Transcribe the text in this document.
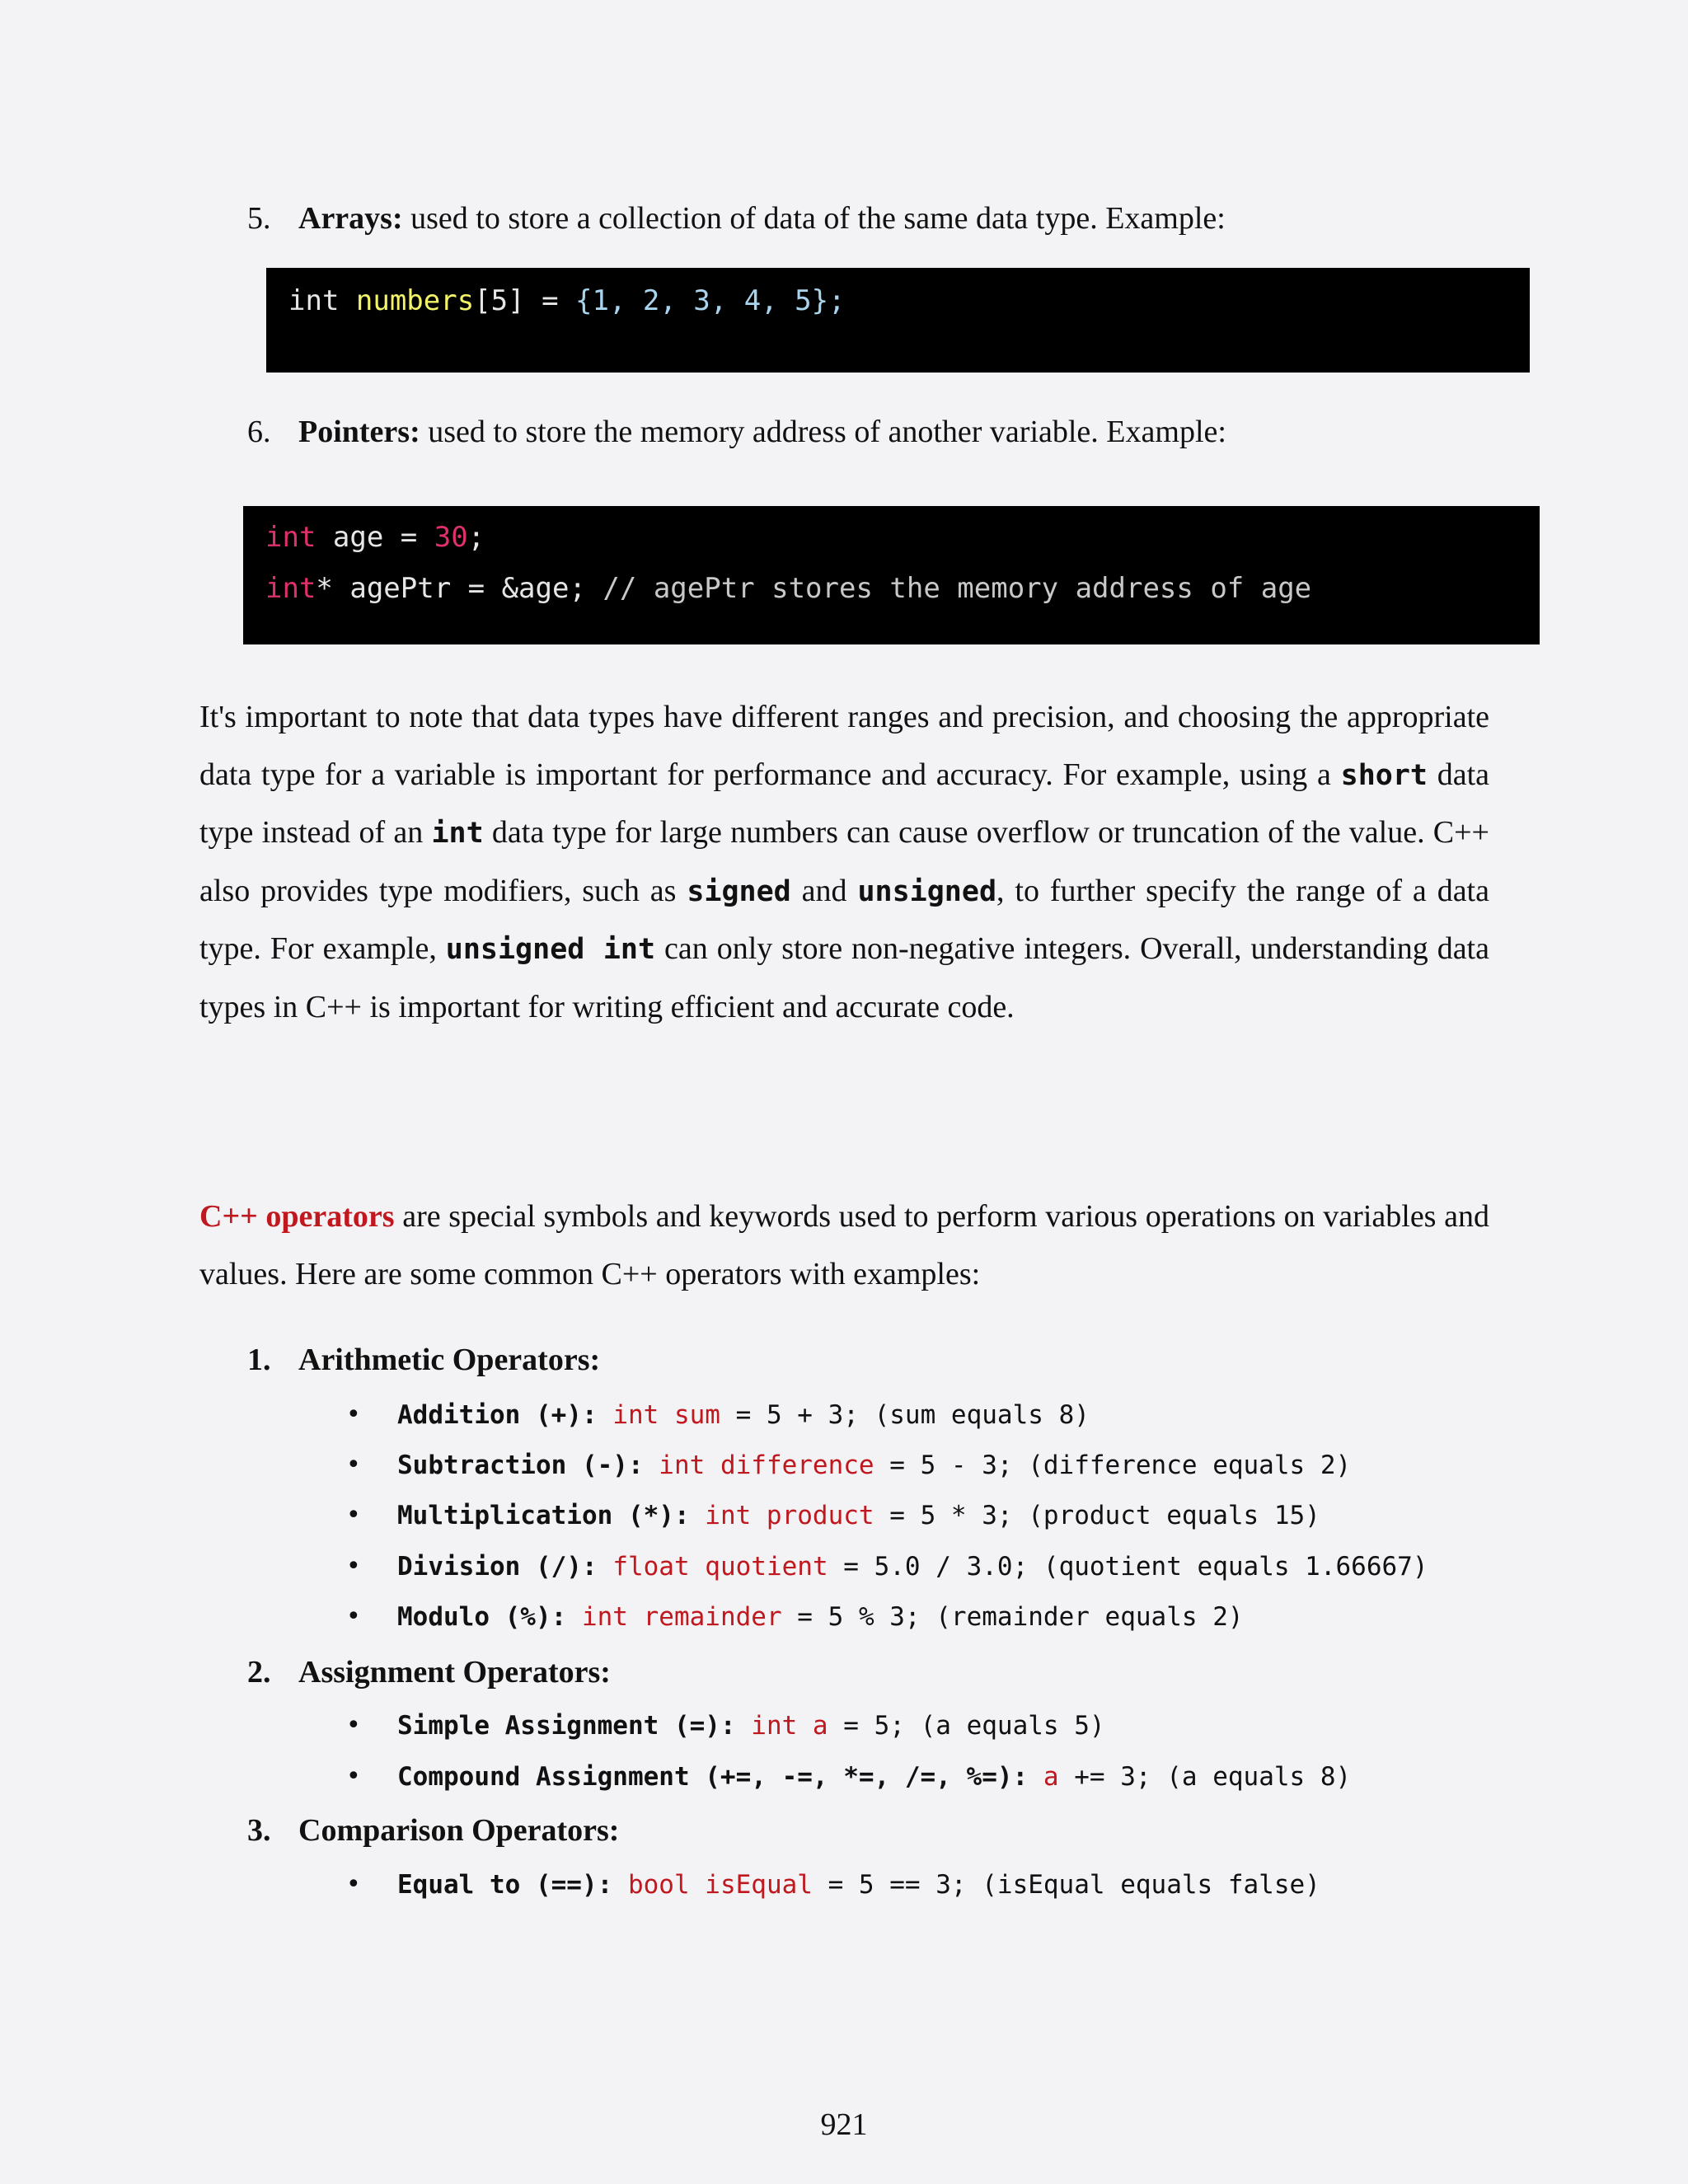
5. Arrays: used to store a collection of data of the same data type. Example:
int numbers[5] = {1, 2, 3, 4, 5};
6. Pointers: used to store the memory address of another variable. Example:
int age = 30;
int* agePtr = &age; // agePtr stores the memory address of age
It's important to note that data types have different ranges and precision, and choosing the appropriate data type for a variable is important for performance and accuracy. For example, using a short data type instead of an int data type for large numbers can cause overflow or truncation of the value. C++ also provides type modifiers, such as signed and unsigned, to further specify the range of a data type. For example, unsigned int can only store non-negative integers. Overall, understanding data types in C++ is important for writing efficient and accurate code.
C++ operators are special symbols and keywords used to perform various operations on variables and values. Here are some common C++ operators with examples:
1. Arithmetic Operators:
• Addition (+): int sum = 5 + 3; (sum equals 8)
• Subtraction (-): int difference = 5 - 3; (difference equals 2)
• Multiplication (*): int product = 5 * 3; (product equals 15)
• Division (/): float quotient = 5.0 / 3.0; (quotient equals 1.66667)
• Modulo (%): int remainder = 5 % 3; (remainder equals 2)
2. Assignment Operators:
• Simple Assignment (=): int a = 5; (a equals 5)
• Compound Assignment (+=, -=, *=, /=, %=): a += 3; (a equals 8)
3. Comparison Operators:
• Equal to (==): bool isEqual = 5 == 3; (isEqual equals false)
921
